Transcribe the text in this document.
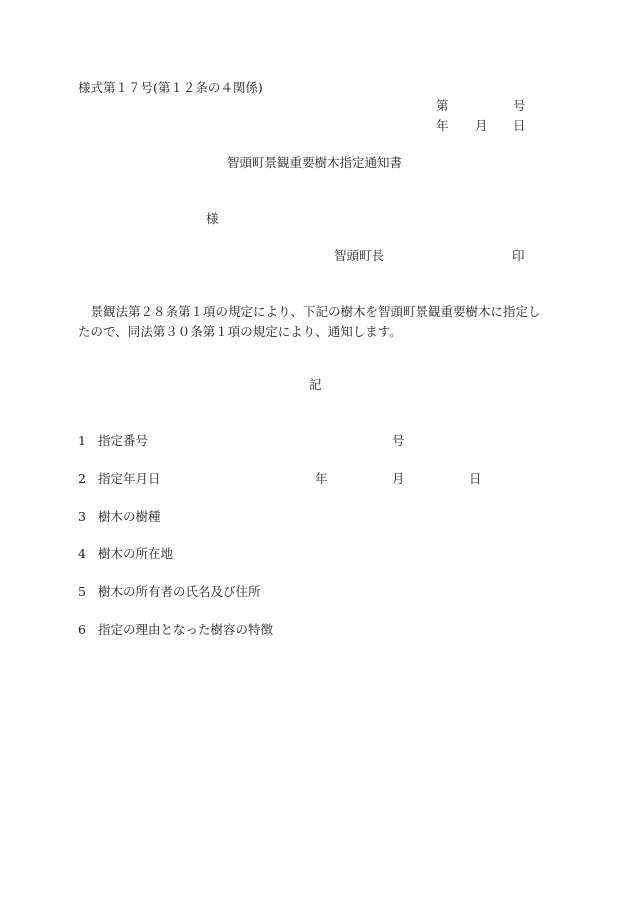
様式第１７号(第１２条の４関係)
第	号
年 月 日
智頭町景観重要樹木指定通知書
様
智頭町長	印
　景観法第２８条第１項の規定により、下記の樹木を智頭町景観重要樹木に指定し
たので、同法第３０条第１項の規定により、通知します。
記
1 指定番号	号
2 指定年月日	年	月	日
3 樹木の樹種
4 樹木の所在地
5 樹木の所有者の氏名及び住所
6 指定の理由となった樹容の特徴
